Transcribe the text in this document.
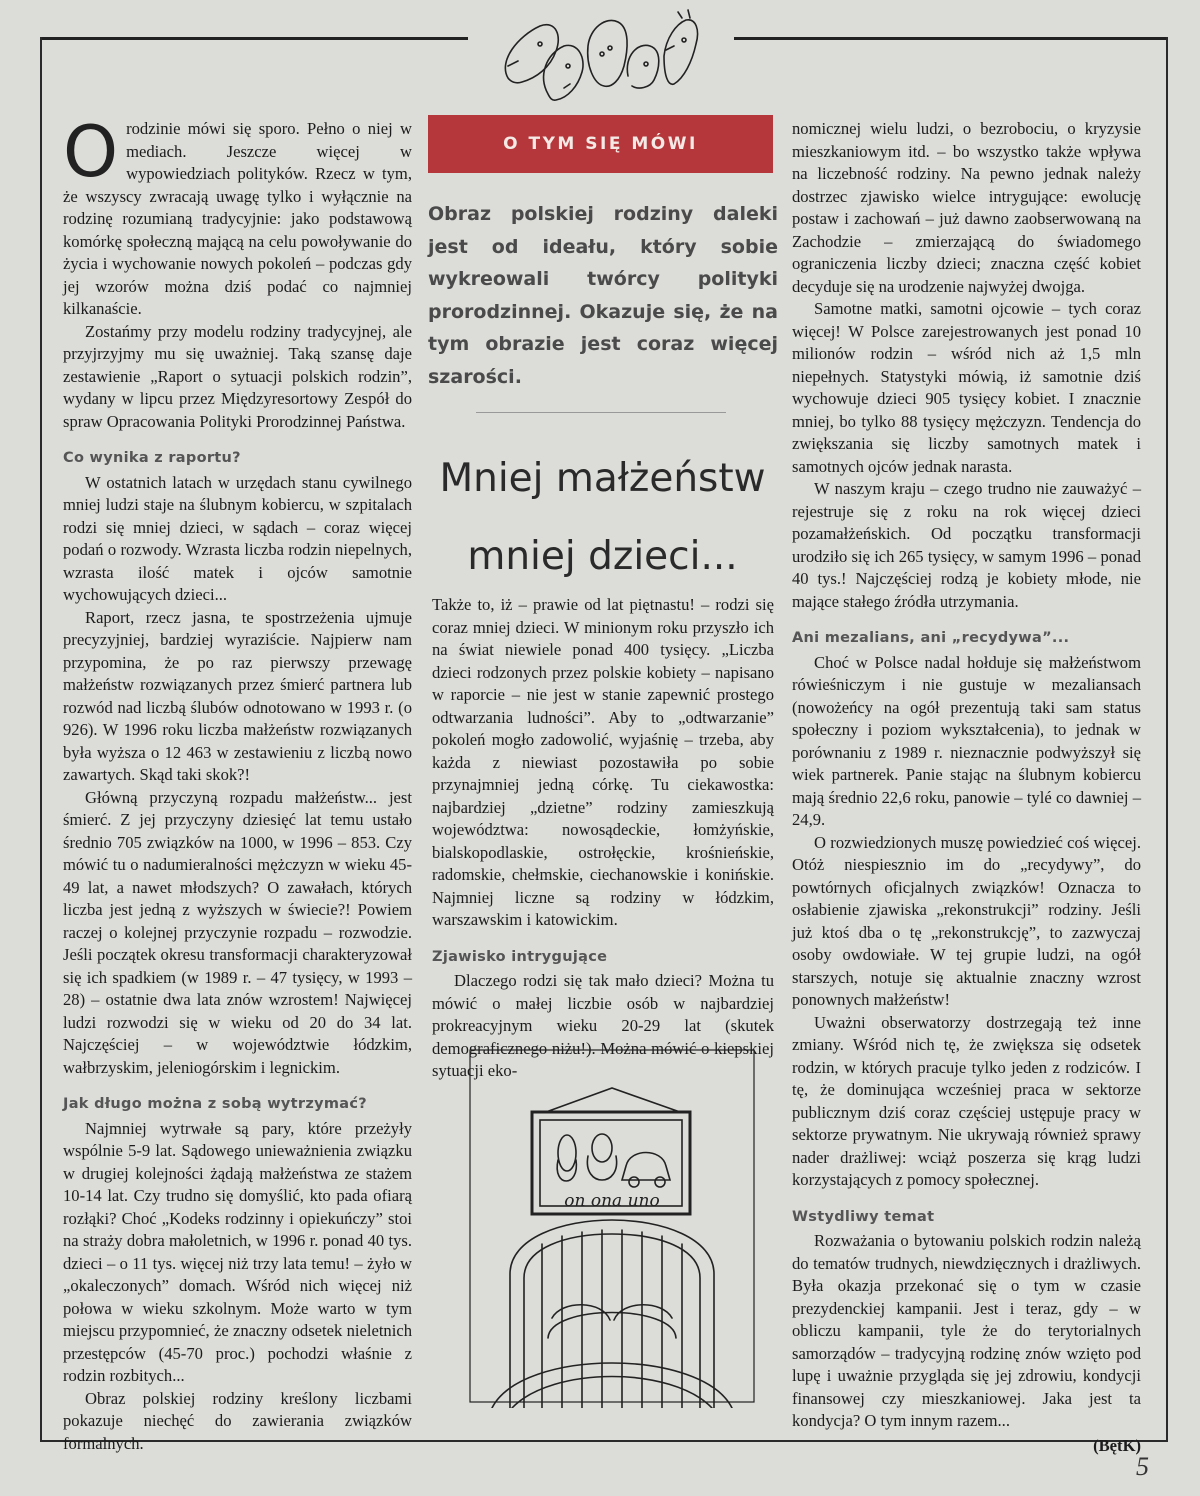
Orodzinie mówi się sporo. Pełno o niej w mediach. Jeszcze więcej w wypowiedziach polityków. Rzecz w tym, że wszyscy zwracają uwagę tylko i wyłącznie na rodzinę rozumianą tradycyjnie: jako podstawową komórkę społeczną mającą na celu powoływanie do życia i wychowanie nowych pokoleń – podczas gdy jej wzorów można dziś podać co najmniej kilkanaście.

Zostańmy przy modelu rodziny tradycyjnej, ale przyjrzyjmy mu się uważniej. Taką szansę daje zestawienie „Raport o sytuacji polskich rodzin”, wydany w lipcu przez Międzyresortowy Zespół do spraw Opracowania Polityki Prorodzinnej Państwa.

Co wynika z raportu?

W ostatnich latach w urzędach stanu cywilnego mniej ludzi staje na ślubnym kobiercu, w szpitalach rodzi się mniej dzieci, w sądach – coraz więcej podań o rozwody. Wzrasta liczba rodzin niepelnych, wzrasta ilość matek i ojców samotnie wychowujących dzieci...

Raport, rzecz jasna, te spostrzeżenia ujmuje precyzyjniej, bardziej wyraziście. Najpierw nam przypomina, że po raz pierwszy przewagę małżeństw rozwiązanych przez śmierć partnera lub rozwód nad liczbą ślubów odnotowano w 1993 r. (o 926). W 1996 roku liczba małżeństw rozwiązanych była wyższa o 12 463 w zestawieniu z liczbą nowo zawartych. Skąd taki skok?!

Główną przyczyną rozpadu małżeństw... jest śmierć. Z jej przyczyny dziesięć lat temu ustało średnio 705 związków na 1000, w 1996 – 853. Czy mówić tu o nadumieralności mężczyzn w wieku 45-49 lat, a nawet młodszych? O zawałach, których liczba jest jedną z wyższych w świecie?! Powiem raczej o kolejnej przyczynie rozpadu – rozwodzie. Jeśli początek okresu transformacji charakteryzował się ich spadkiem (w 1989 r. – 47 tysięcy, w 1993 – 28) – ostatnie dwa lata znów wzrostem! Najwięcej ludzi rozwodzi się w wieku od 20 do 34 lat. Najczęściej – w województwie łódzkim, wałbrzyskim, jeleniogórskim i legnickim.

Jak długo można z sobą wytrzymać?

Najmniej wytrwałe są pary, które przeżyły wspólnie 5-9 lat. Sądowego unieważnienia związku w drugiej kolejności żądają małżeństwa ze stażem 10-14 lat. Czy trudno się domyślić, kto pada ofiarą rozłąki? Choć „Kodeks rodzinny i opiekuńczy” stoi na straży dobra małoletnich, w 1996 r. ponad 40 tys. dzieci – o 11 tys. więcej niż trzy lata temu! – żyło w „okaleczonych” domach. Wśród nich więcej niż połowa w wieku szkolnym. Może warto w tym miejscu przypomnieć, że znaczny odsetek nieletnich przestępców (45-70 proc.) pochodzi właśnie z rodzin rozbitych...

Obraz polskiej rodziny kreślony liczbami pokazuje niechęć do zawierania związków formalnych.

O TYM SIĘ MÓWI

Obraz polskiej rodziny daleki jest od ideału, który sobie wykreowali twórcy polityki prorodzinnej. Okazuje się, że na tym obrazie jest coraz więcej szarości.

Mniej małżeństw
mniej dzieci...

Także to, iż – prawie od lat piętnastu! – rodzi się coraz mniej dzieci. W minionym roku przyszło ich na świat niewiele ponad 400 tysięcy. „Liczba dzieci rodzonych przez polskie kobiety – napisano w raporcie – nie jest w stanie zapewnić prostego odtwarzania ludności”. Aby to „odtwarzanie” pokoleń mogło zadowolić, wyjaśnię – trzeba, aby każda z niewiast pozostawiła po sobie przynajmniej jedną córkę. Tu ciekawostka: najbardziej „dzietne” rodziny zamieszkują województwa: nowosądeckie, łomżyńskie, bialskopodlaskie, ostrołęckie, krośnieńskie, radomskie, chełmskie, ciechanowskie i konińskie. Najmniej liczne są rodziny w łódzkim, warszawskim i katowickim.

Zjawisko intrygujące

Dlaczego rodzi się tak mało dzieci? Można tu mówić o małej liczbie osób w najbardziej prokreacyjnym wieku 20-29 lat (skutek demograficznego niżu!). Można mówić o kiepskiej sytuacji eko-

on ona uno

nomicznej wielu ludzi, o bezrobociu, o kryzysie mieszkaniowym itd. – bo wszystko także wpływa na liczebność rodziny. Na pewno jednak należy dostrzec zjawisko wielce intrygujące: ewolucję postaw i zachowań – już dawno zaobserwowaną na Zachodzie – zmierzającą do świadomego ograniczenia liczby dzieci; znaczna część kobiet decyduje się na urodzenie najwyżej dwojga.

Samotne matki, samotni ojcowie – tych coraz więcej! W Polsce zarejestrowanych jest ponad 10 milionów rodzin – wśród nich aż 1,5 mln niepełnych. Statystyki mówią, iż samotnie dziś wychowuje dzieci 905 tysięcy kobiet. I znacznie mniej, bo tylko 88 tysięcy mężczyzn. Tendencja do zwiększania się liczby samotnych matek i samotnych ojców jednak narasta.

W naszym kraju – czego trudno nie zauważyć – rejestruje się z roku na rok więcej dzieci pozamałżeńskich. Od początku transformacji urodziło się ich 265 tysięcy, w samym 1996 – ponad 40 tys.! Najczęściej rodzą je kobiety młode, nie mające stałego źródła utrzymania.

Ani mezalians, ani „recydywa”...

Choć w Polsce nadal hołduje się małżeństwom rówieśniczym i nie gustuje w mezaliansach (nowożeńcy na ogół prezentują taki sam status społeczny i poziom wykształcenia), to jednak w porównaniu z 1989 r. nieznacznie podwyższył się wiek partnerek. Panie stając na ślubnym kobiercu mają średnio 22,6 roku, panowie – tylé co dawniej – 24,9.

O rozwiedzionych muszę powiedzieć coś więcej. Otóż niespiesznio im do „recydywy”, do powtórnych oficjalnych związków! Oznacza to osłabienie zjawiska „rekonstrukcji” rodziny. Jeśli już ktoś dba o tę „rekonstrukcję”, to zazwyczaj osoby owdowiałe. W tej grupie ludzi, na ogół starszych, notuje się aktualnie znaczny wzrost ponownych małżeństw!

Uważni obserwatorzy dostrzegają też inne zmiany. Wśród nich tę, że zwiększa się odsetek rodzin, w których pracuje tylko jeden z rodziców. I tę, że dominująca wcześniej praca w sektorze publicznym dziś coraz częściej ustępuje pracy w sektorze prywatnym. Nie ukrywają również sprawy nader drażliwej: wciąż poszerza się krąg ludzi korzystających z pomocy społecznej.

Wstydliwy temat

Rozważania o bytowaniu polskich rodzin należą do tematów trudnych, niewdzięcznych i drażliwych. Była okazja przekonać się o tym w czasie prezydenckiej kampanii. Jest i teraz, gdy – w obliczu kampanii, tyle że do terytorialnych samorządów – tradycyjną rodzinę znów wzięto pod lupę i uważnie przygląda się jej zdrowiu, kondycji finansowej czy mieszkaniowej. Jaka jest ta kondycja? O tym innym razem...

(BętK)
5
